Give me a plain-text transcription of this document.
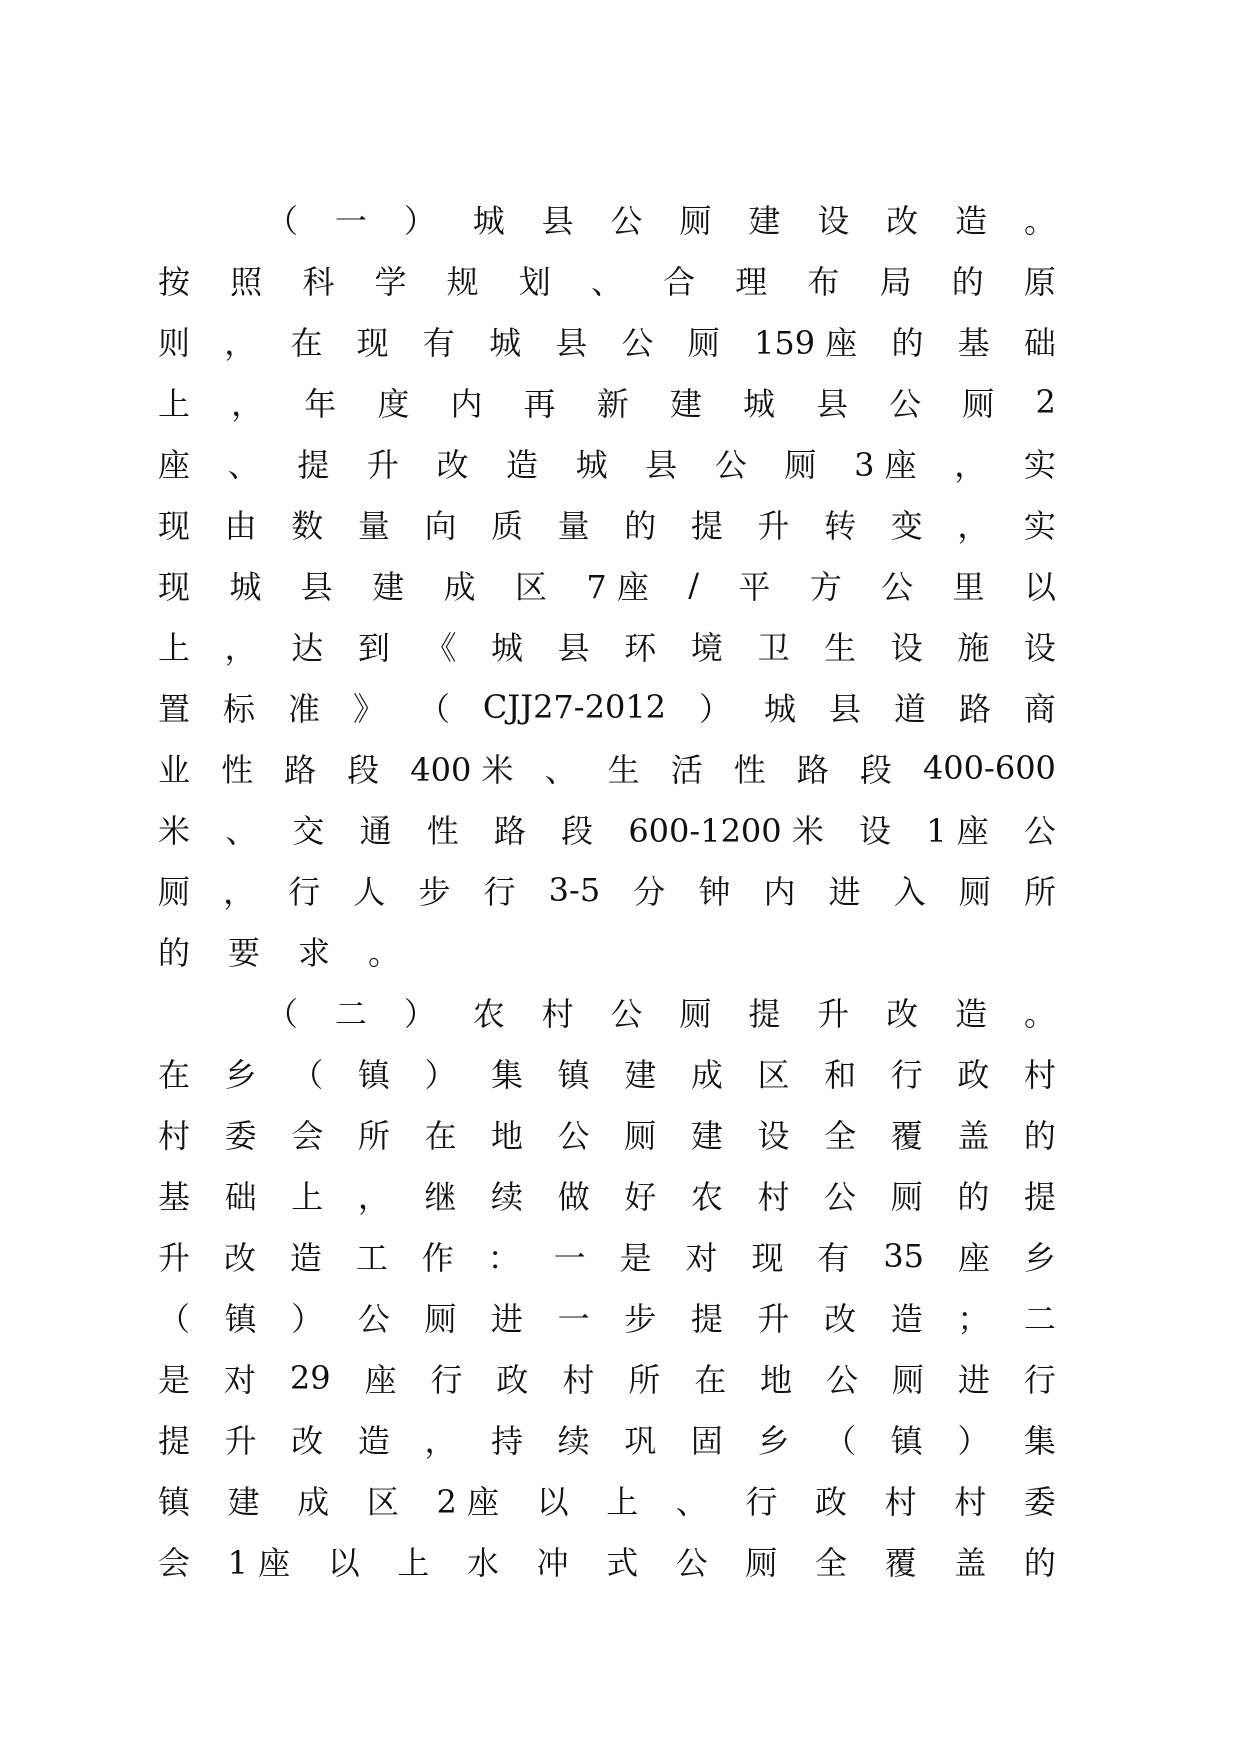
（ 一 ） 城 县 公 厕 建 设 改 造 。
按 照 科 学 规 划 、 合 理 布 局 的 原
则 ， 在 现 有 城 县 公 厕 159 座 的 基 础
上 ， 年 度 内 再 新 建 城 县 公 厕 2
座 、 提 升 改 造 城 县 公 厕 3 座 ， 实
现 由 数 量 向 质 量 的 提 升 转 变 ， 实
现 城 县 建 成 区 7 座 / 平 方 公 里 以
上 ， 达 到 《 城 县 环 境 卫 生 设 施 设
置 标 准 》 （ CJJ27-2012 ） 城 县 道 路 商
业 性 路 段 400 米 、 生 活 性 路 段 400-600
米 、 交 通 性 路 段 600-1200 米 设 1 座 公
厕 ， 行 人 步 行 3-5 分 钟 内 进 入 厕 所
的 要 求 。
（ 二 ） 农 村 公 厕 提 升 改 造 。
在 乡 （ 镇 ） 集 镇 建 成 区 和 行 政 村
村 委 会 所 在 地 公 厕 建 设 全 覆 盖 的
基 础 上 ， 继 续 做 好 农 村 公 厕 的 提
升 改 造 工 作 ： 一 是 对 现 有 35 座 乡
（ 镇 ） 公 厕 进 一 步 提 升 改 造 ； 二
是 对 29 座 行 政 村 所 在 地 公 厕 进 行
提 升 改 造 ， 持 续 巩 固 乡 （ 镇 ） 集
镇 建 成 区 2 座 以 上 、 行 政 村 村 委
会 1 座 以 上 水 冲 式 公 厕 全 覆 盖 的
